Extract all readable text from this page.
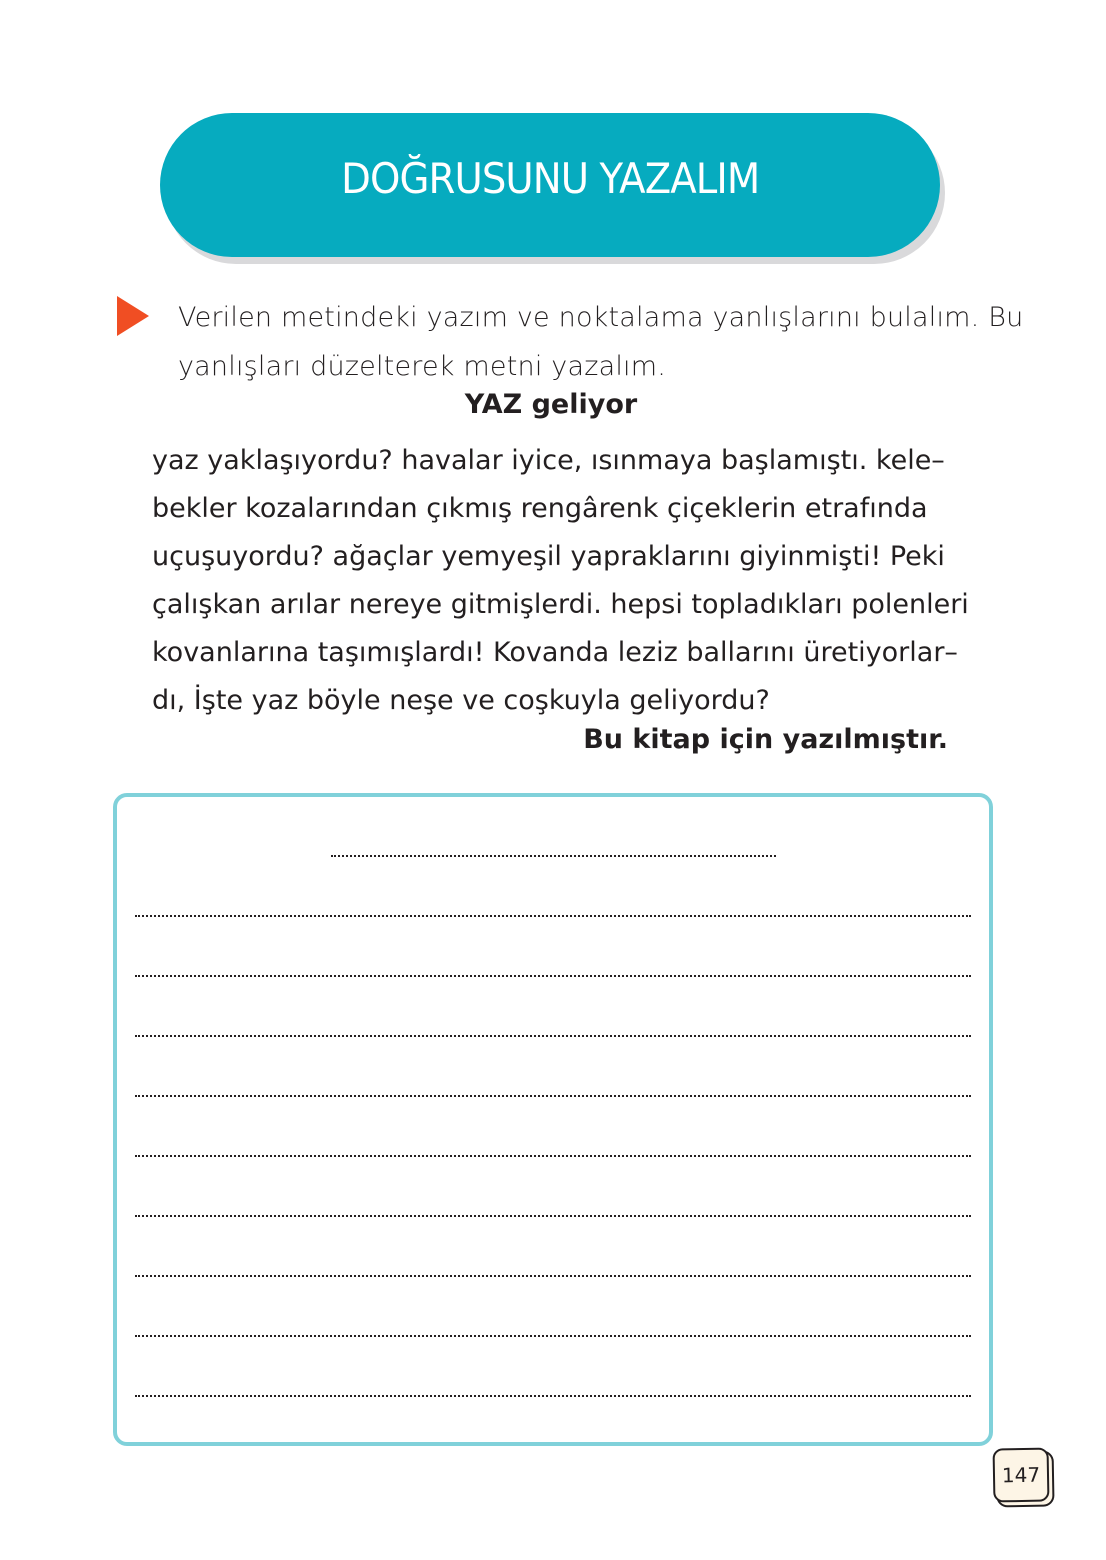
DOĞRUSUNU YAZALIM
Verilen metindeki yazım ve noktalama yanlışlarını bulalım. Bu
yanlışları düzelterek metni yazalım.
YAZ geliyor
yaz yaklaşıyordu? havalar iyice, ısınmaya başlamıştı. kele–
bekler kozalarından çıkmış rengârenk çiçeklerin etrafında
uçuşuyordu? ağaçlar yemyeşil yapraklarını giyinmişti! Peki
çalışkan arılar nereye gitmişlerdi. hepsi topladıkları polenleri
kovanlarına taşımışlardı! Kovanda leziz ballarını üretiyorlar–
dı, İşte yaz böyle neşe ve coşkuyla geliyordu?
Bu kitap için yazılmıştır.
147
